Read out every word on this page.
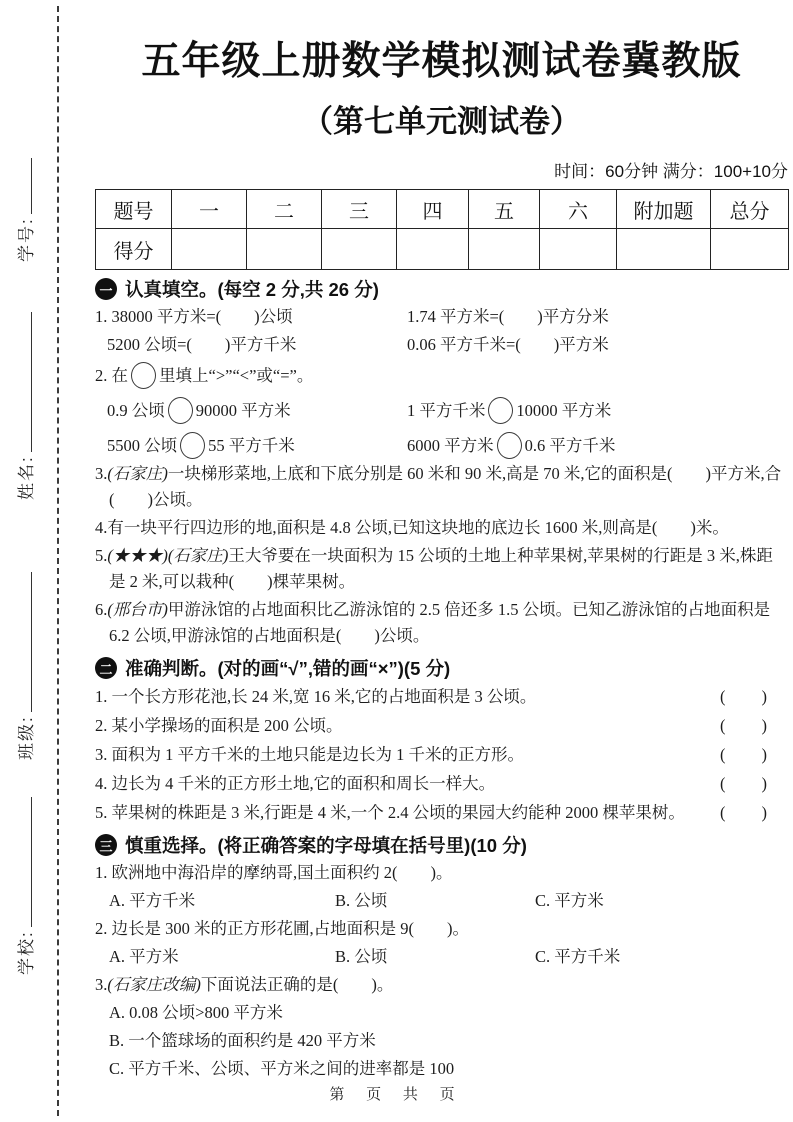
学号:
姓名:
班级:
学校:
五年级上册数学模拟测试卷冀教版
（第七单元测试卷）
时间：60分钟 满分：100+10分
题号	一	二	三	四	五	六	附加题	总分
得分								
一 认真填空。(每空 2 分,共 26 分)
1. 38000 平方米=(　　)公顷	1.74 平方米=(　　)平方分米
5200 公顷=(　　)平方千米	0.06 平方千米=(　　)平方米
2. 在 里填上“>”“<”或“=”。
0.9 公顷 90000 平方米	1 平方千米 10000 平方米
5500 公顷 55 平方千米	6000 平方米 0.6 平方千米
3.(石家庄)一块梯形菜地,上底和下底分别是 60 米和 90 米,高是 70 米,它的面积是(　　)平方米,合(　　)公顷。
4.有一块平行四边形的地,面积是 4.8 公顷,已知这块地的底边长 1600 米,则高是(　　)米。
5.(★★★)(石家庄)王大爷要在一块面积为 15 公顷的土地上种苹果树,苹果树的行距是 3 米,株距是 2 米,可以栽种(　　)棵苹果树。
6.(邢台市)甲游泳馆的占地面积比乙游泳馆的 2.5 倍还多 1.5 公顷。已知乙游泳馆的占地面积是 6.2 公顷,甲游泳馆的占地面积是(　　)公顷。
二 准确判断。(对的画“√”,错的画“×”)(5 分)
1. 一个长方形花池,长 24 米,宽 16 米,它的占地面积是 3 公顷。	(　　)
2. 某小学操场的面积是 200 公顷。	(　　)
3. 面积为 1 平方千米的土地只能是边长为 1 千米的正方形。	(　　)
4. 边长为 4 千米的正方形土地,它的面积和周长一样大。	(　　)
5. 苹果树的株距是 3 米,行距是 4 米,一个 2.4 公顷的果园大约能种 2000 棵苹果树。	(　　)
三 慎重选择。(将正确答案的字母填在括号里)(10 分)
1. 欧洲地中海沿岸的摩纳哥,国土面积约 2(　　)。
A. 平方千米	B. 公顷	C. 平方米
2. 边长是 300 米的正方形花圃,占地面积是 9(　　)。
A. 平方米	B. 公顷	C. 平方千米
3.(石家庄改编)下面说法正确的是(　　)。
A. 0.08 公顷>800 平方米
B. 一个篮球场的面积约是 420 平方米
C. 平方千米、公顷、平方米之间的进率都是 100
第 页 共 页
